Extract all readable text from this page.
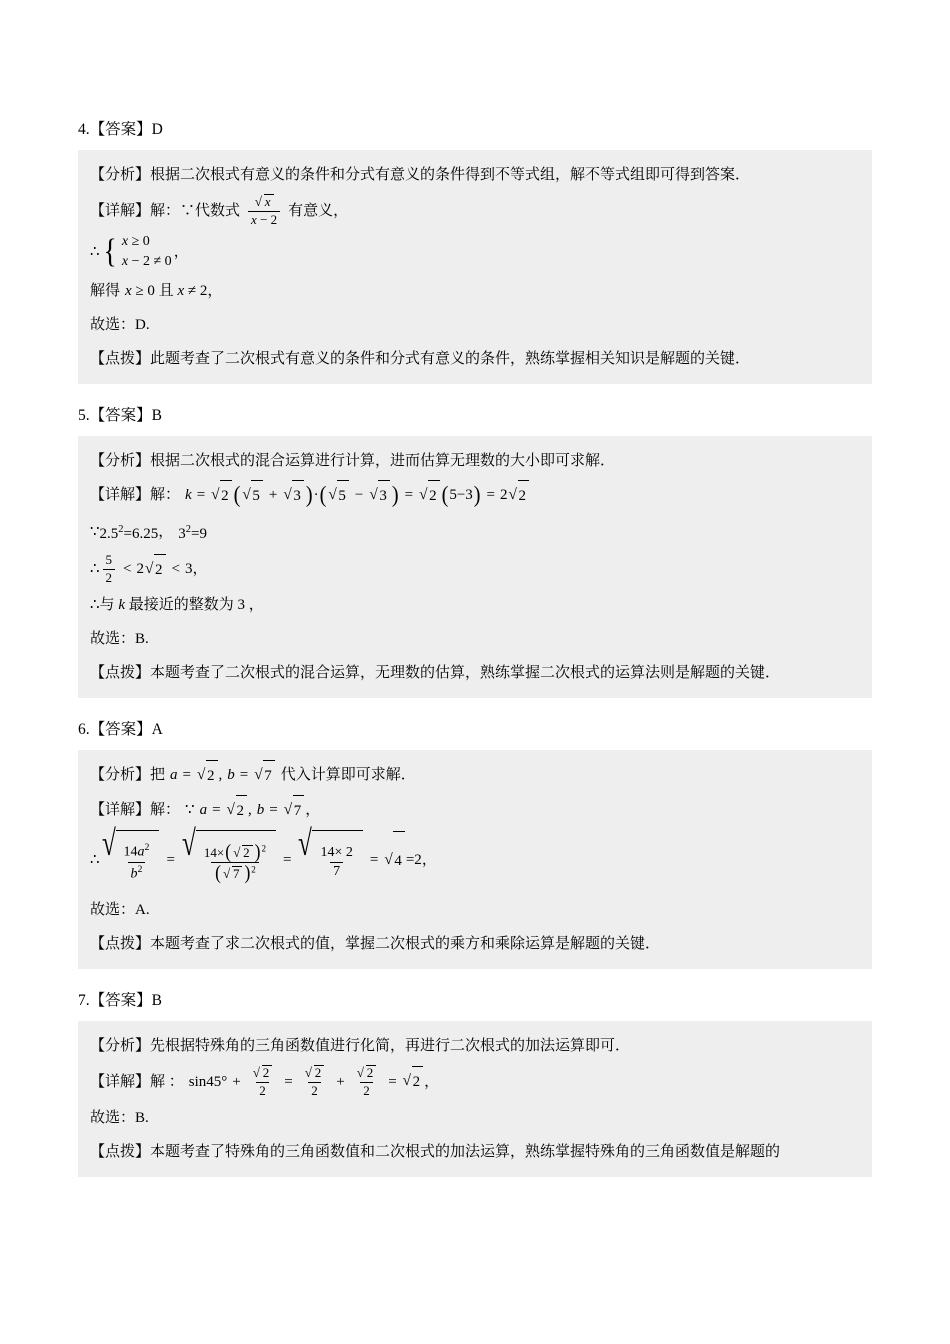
4.【答案】D
【分析】根据二次根式有意义的条件和分式有意义的条件得到不等式组，解不等式组即可得到答案．
【详解】 解： ∵代数式 √ $\frac{x}{x - 2}$ 有意义，
∴ { x ≥ 0
x − 2 ≠ 0
，
解得 x ≥ 0 且 x ≠ 2 ，
故选：D.
【点拨】此题考查了二次根式有意义的条件和分式有意义的条件，熟练掌握相关知识是解题的关键．
5.【答案】B
【分析】根据二次根式的混合运算进行计算，进而估算无理数的大小即可求解．
【详解】 解： k =	√ 2 ( √ 5 +	√ 3 ) · ( √ 5 −	√ 3 ) =	√ 2 ( 5 − 3 ) = 2 √ 2
∵ $2.5^2=6.25$ ， $3^2=9$
∴ $\frac{5}{2} < 2$ √ 2 < 3 ，
∴ 与 k 最接近的整数为 3 ，
故选：B.
【点拨】本题考查了二次根式的混合运算，无理数的估算，熟练掌握二次根式的运算法则是解题的关键．
6.【答案】A
【分析】 把 a =	√ 2 , b =	√ 7 代入计算即可求解．
【详解】 解： ∵ a =	√ 2 , b =	√ 7 ，
∴ √ $\frac{14a^2}{b^2}$ = √ $\frac{14\times( √ 2 )^2}{( √ 7 )^2}$ = √ $\frac{14\times 2}{7}$ =	√ 4 =2 ，
故选：A.
【点拨】本题考查了求二次根式的值，掌握二次根式的乘方和乘除运算是解题的关键．
7.【答案】B
【分析】先根据特殊角的三角函数值进行化简，再进行二次根式的加法运算即可．
【详解】 解 ： sin45° + √ $\frac{2}{2}$ = √ $\frac{2}{2}$ + √ $\frac{2}{2}$ =	√ 2 ，
故选：B.
【点拨】本题考查了特殊角的三角函数值和二次根式的加法运算，熟练掌握特殊角的三角函数值是解题的
